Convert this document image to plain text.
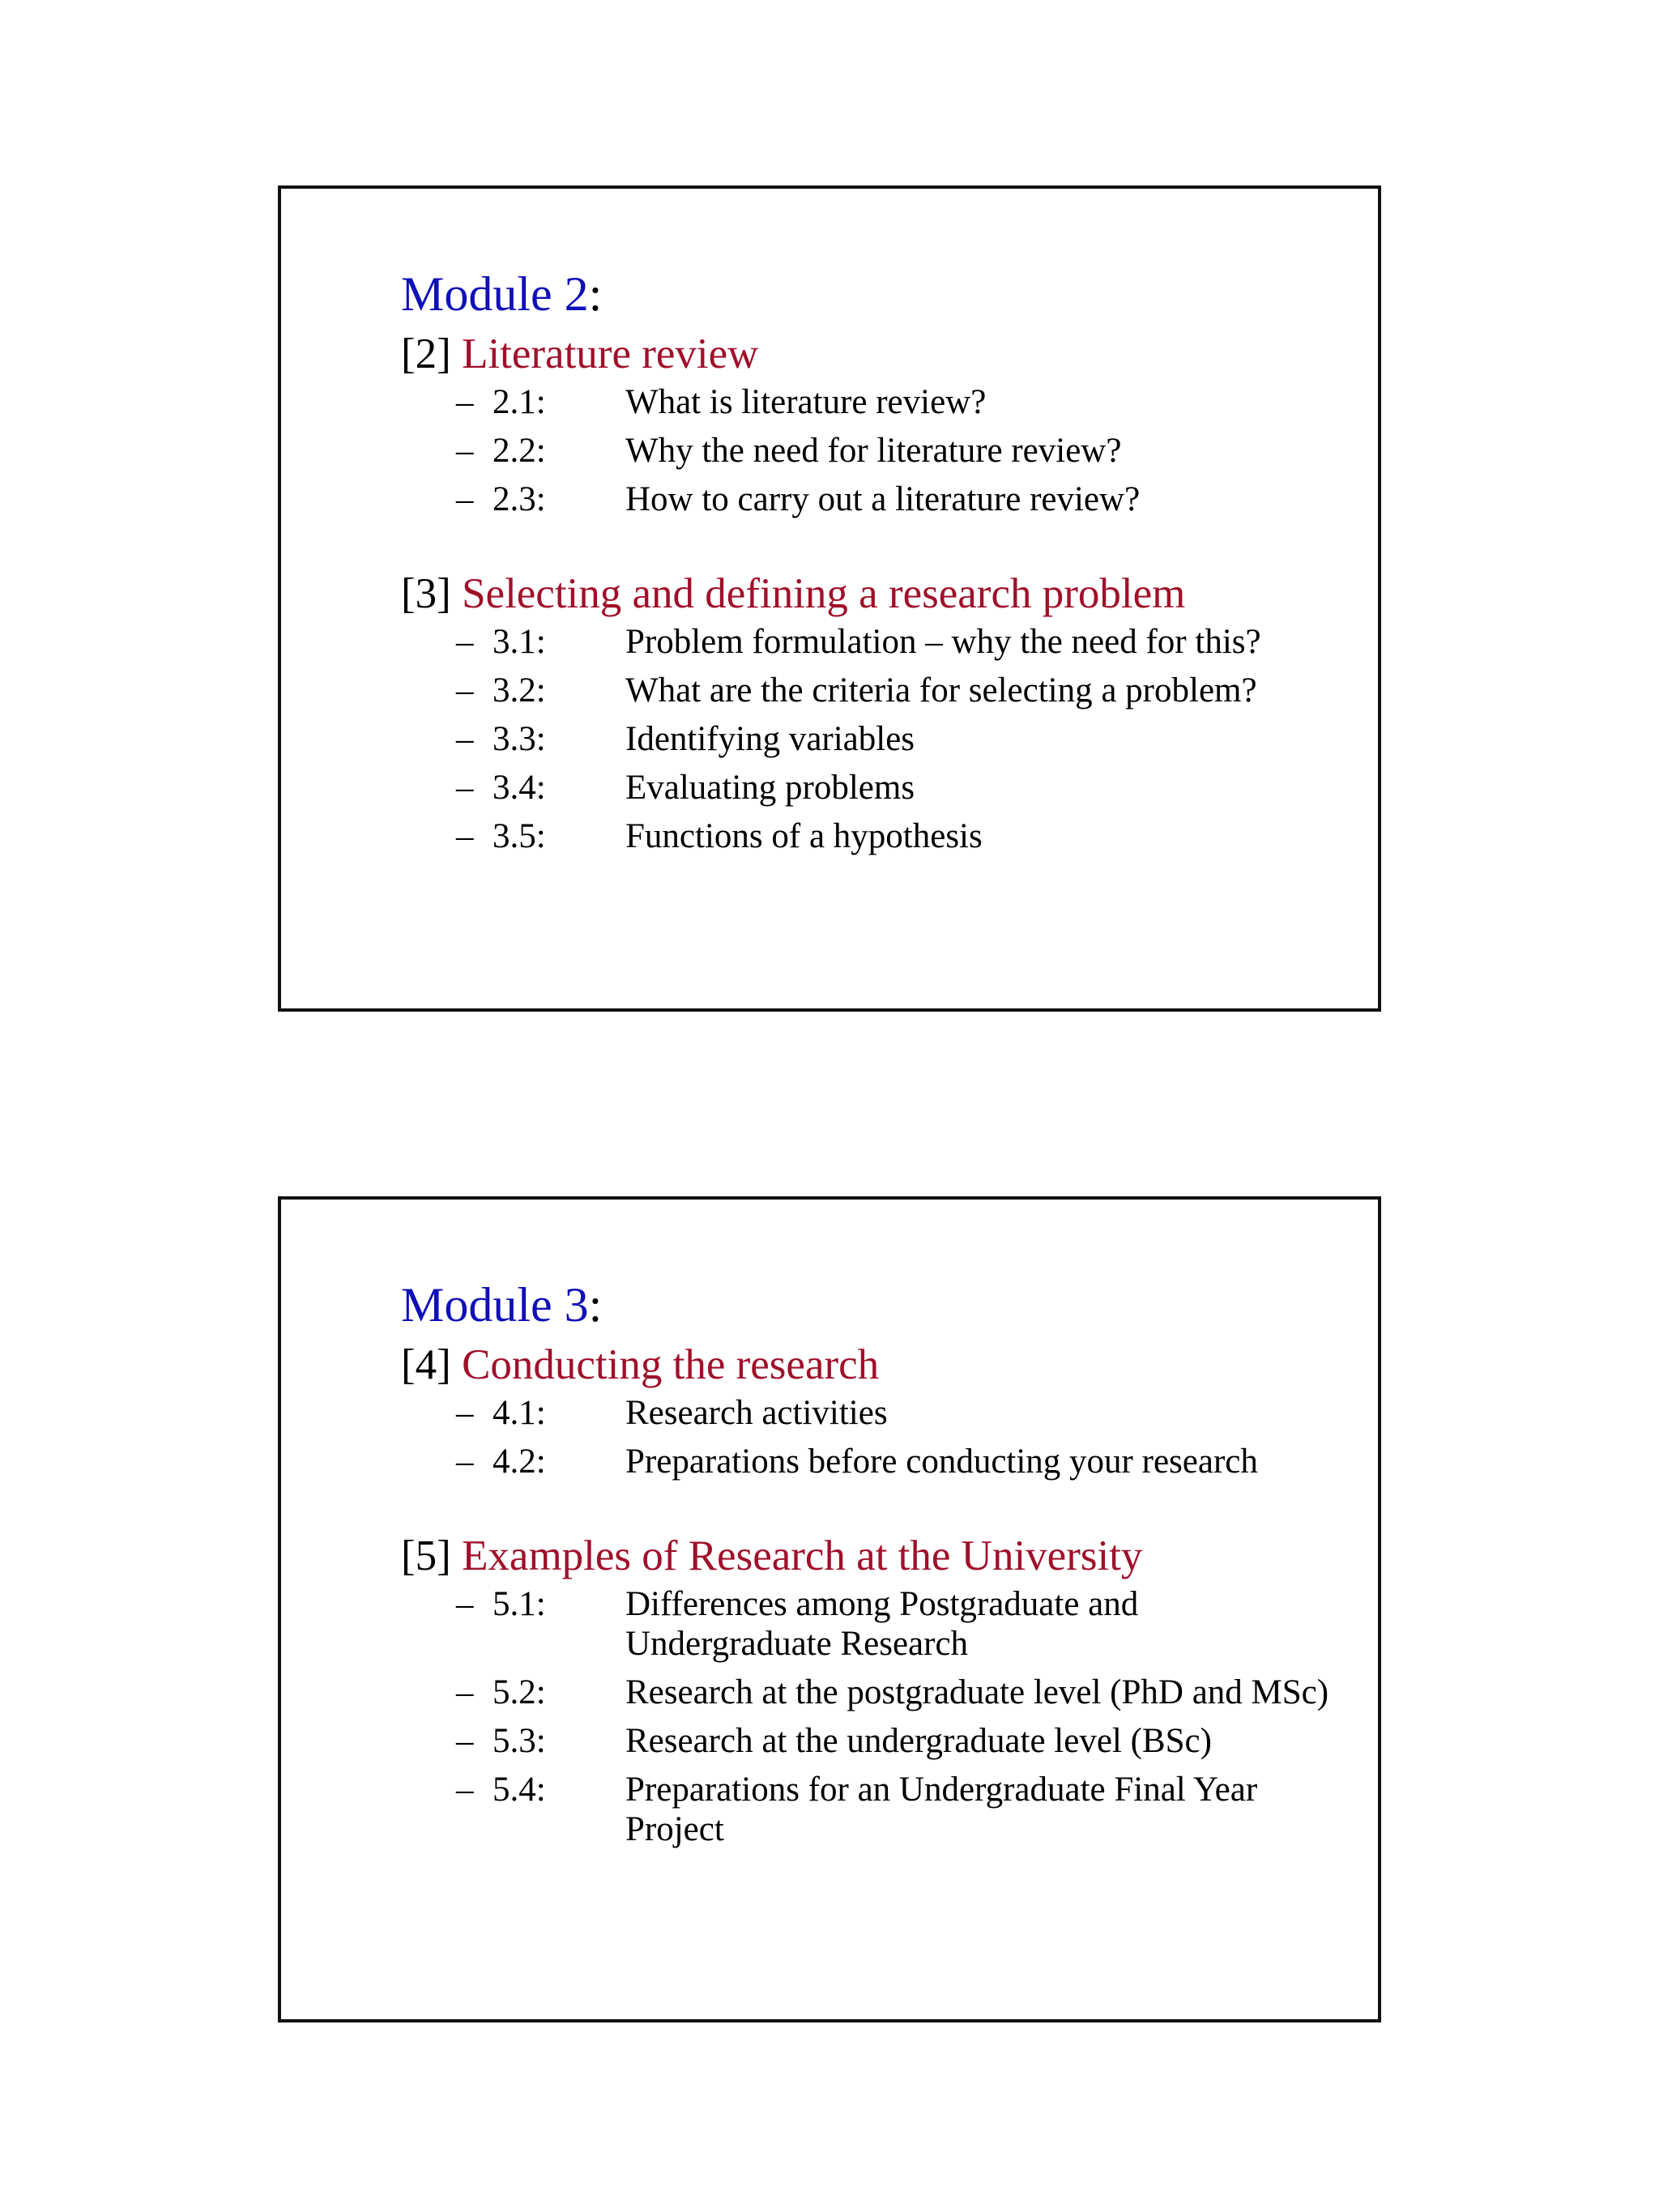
Module 2:
[2] Literature review
– 2.1:	What is literature review?
– 2.2:	Why the need for literature review?
– 2.3:	How to carry out a literature review?
[3] Selecting and defining a research problem
– 3.1:	Problem formulation – why the need for this?
– 3.2:	What are the criteria for selecting a problem?
– 3.3:	Identifying variables
– 3.4:	Evaluating problems
– 3.5:	Functions of a hypothesis
Module 3:
[4] Conducting the research
– 4.1:	Research activities
– 4.2:	Preparations before conducting your research
[5] Examples of Research at the University
– 5.1:	Differences among Postgraduate and Undergraduate Research
– 5.2:	Research at the postgraduate level (PhD and MSc)
– 5.3:	Research at the undergraduate level (BSc)
– 5.4:	Preparations for an Undergraduate Final Year Project
